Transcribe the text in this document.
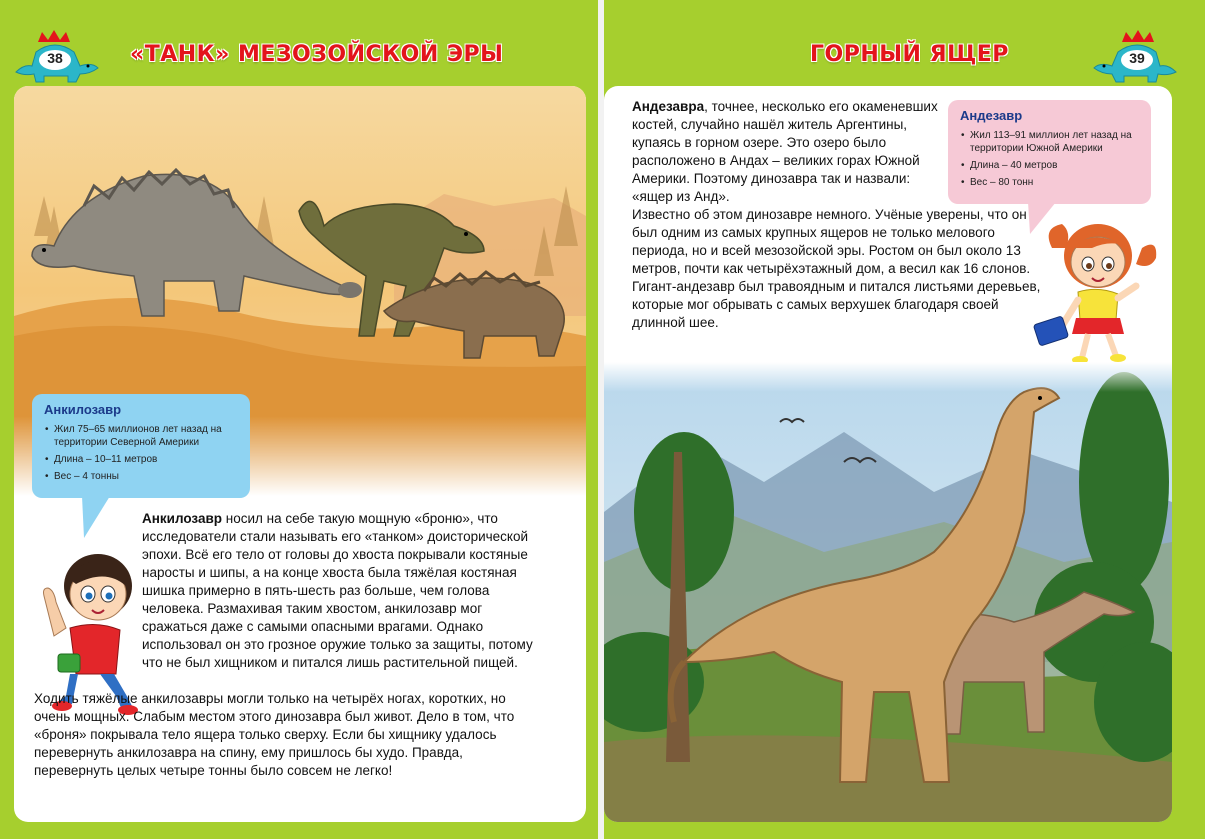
38	«ТАНК» МЕЗОЗОЙСКОЙ ЭРЫ
Анкилозавр
• Жил 75–65 миллионов лет назад на территории Северной Америки
• Длина – 10–11 метров
• Вес – 4 тонны
Анкилозавр носил на себе такую мощную «броню», что исследователи стали называть его «танком» доисторической эпохи. Всё его тело от головы до хвоста покрывали костяные наросты и шипы, а на конце хвоста была тяжёлая костяная шишка примерно в пять-шесть раз больше, чем голова человека. Размахивая таким хвостом, анкилозавр мог сражаться даже с самыми опасными врагами. Однако использовал он это грозное оружие только за защиты, потому что не был хищником и питался лишь растительной пищей.
Ходить тяжёлые анкилозавры могли только на четырёх ногах, коротких, но очень мощных. Слабым местом этого динозавра был живот. Дело в том, что «броня» покрывала тело ящера только сверху. Если бы хищнику удалось перевернуть анкилозавра на спину, ему пришлось бы худо. Правда, перевернуть целых четыре тонны было совсем не легко!
39
ГОРНЫЙ ЯЩЕР
Андезавра, точнее, несколько его окаменевших костей, случайно нашёл житель Аргентины, купаясь в горном озере. Это озеро было расположено в Андах – великих горах Южной Америки. Поэтому динозавра так и назвали: «ящер из Анд».
Известно об этом динозавре немного. Учёные уверены, что он был одним из самых крупных ящеров не только мелового периода, но и всей мезозойской эры. Ростом он был около 13 метров, почти как четырёхэтажный дом, а весил как 16 слонов. Гигант-андезавр был травоядным и питался листьями деревьев, которые мог обрывать с самых верхушек благодаря своей длинной шее.
Андезавр
• Жил 113–91 миллион лет назад на территории Южной Америки
• Длина – 40 метров
• Вес – 80 тонн
